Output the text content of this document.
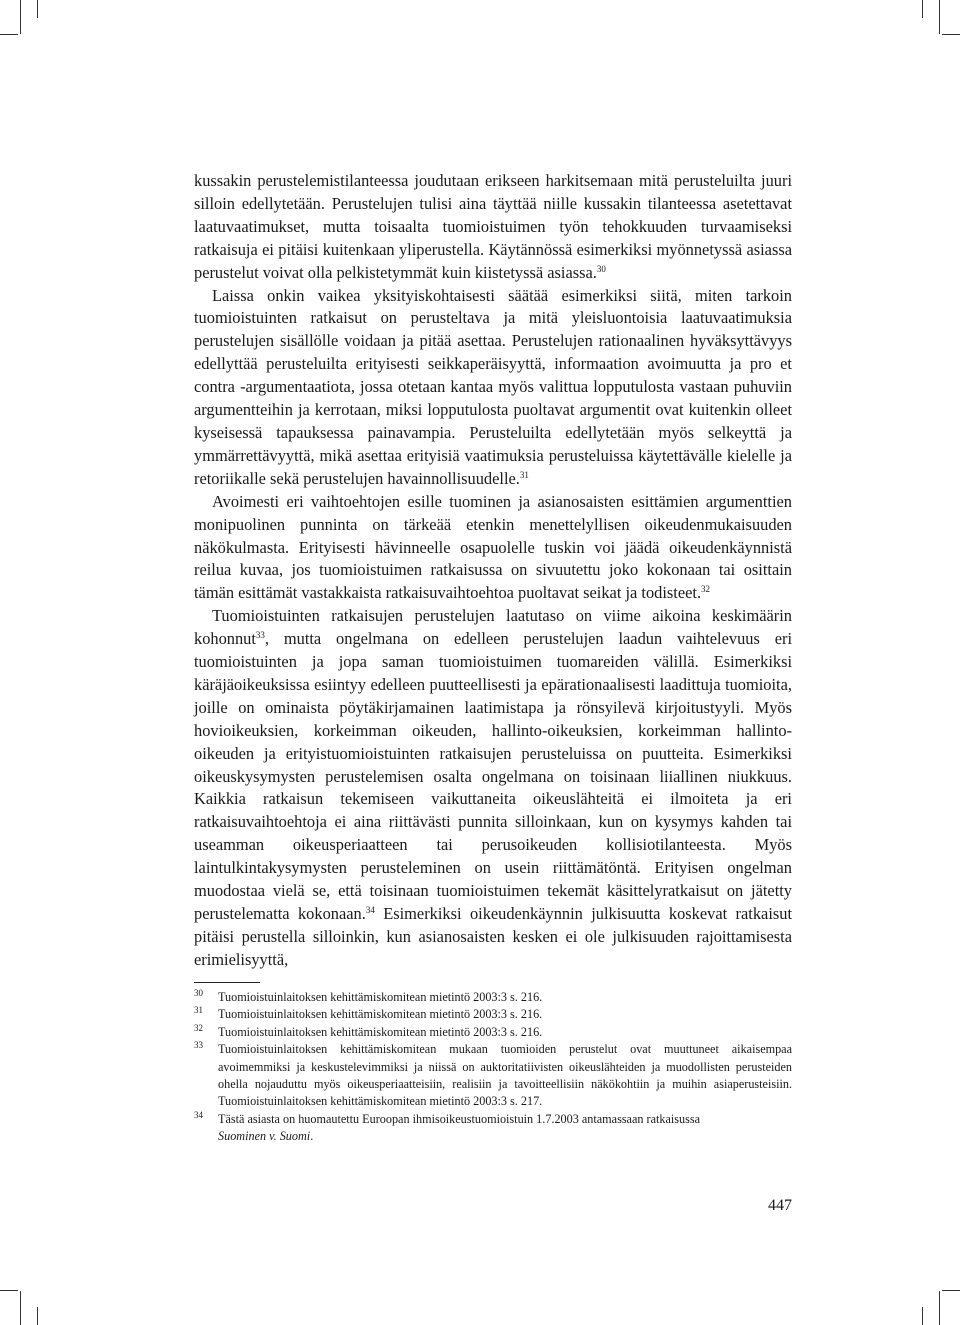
kussakin perustelemistilanteessa joudutaan erikseen harkitsemaan mitä perusteluilta juuri silloin edellytetään. Perustelujen tulisi aina täyttää niille kussakin tilanteessa asetettavat laatuvaatimukset, mutta toisaalta tuomioistuimen työn tehokkuuden turvaamiseksi ratkaisuja ei pitäisi kuitenkaan yliperustella. Käytännössä esimerkiksi myönnetyssä asiassa perustelut voivat olla pelkistetymmät kuin kiistetyssä asiassa.$^{30}$

Laissa onkin vaikea yksityiskohtaisesti säätää esimerkiksi siitä, miten tarkoin tuomioistuinten ratkaisut on perusteltava ja mitä yleisluontoisia laatuvaatimuksia perustelujen sisällölle voidaan ja pitää asettaa. Perustelujen rationaalinen hyväksyttävyys edellyttää perusteluilta erityisesti seikkaperäisyyttä, informaation avoimuutta ja pro et contra -argumentaatiota, jossa otetaan kantaa myös valittua lopputulosta vastaan puhuviin argumentteihin ja kerrotaan, miksi lopputulosta puoltavat argumentit ovat kuitenkin olleet kyseisessä tapauksessa painavampia. Perusteluilta edellytetään myös selkeyttä ja ymmärrettävyyttä, mikä asettaa erityisiä vaatimuksia perusteluissa käytettävälle kielelle ja retoriikalle sekä perustelujen havainnollisuudelle.$^{31}$

Avoimesti eri vaihtoehtojen esille tuominen ja asianosaisten esittämien argumenttien monipuolinen punninta on tärkeää etenkin menettelyllisen oikeudenmukaisuuden näkökulmasta. Erityisesti hävinneelle osapuolelle tuskin voi jäädä oikeudenkäynnistä reilua kuvaa, jos tuomioistuimen ratkaisussa on sivuutettu joko kokonaan tai osittain tämän esittämät vastakkaista ratkaisuvaihtoehtoa puoltavat seikat ja todisteet.$^{32}$

Tuomioistuinten ratkaisujen perustelujen laatutaso on viime aikoina keskimäärin kohonnut$^{33}$, mutta ongelmana on edelleen perustelujen laadun vaihtelevuus eri tuomioistuinten ja jopa saman tuomioistuimen tuomareiden välillä. Esimerkiksi käräjäoikeuksissa esiintyy edelleen puutteellisesti ja epärationaalisesti laadittuja tuomioita, joille on ominaista pöytäkirjamainen laatimistapa ja rönsyilevä kirjoitustyyli. Myös hovioikeuksien, korkeimman oikeuden, hallinto-oikeuksien, korkeimman hallinto-oikeuden ja erityistuomioistuinten ratkaisujen perusteluissa on puutteita. Esimerkiksi oikeuskysymysten perustelemisen osalta ongelmana on toisinaan liiallinen niukkuus. Kaikkia ratkaisun tekemiseen vaikuttaneita oikeuslähteitä ei ilmoiteta ja eri ratkaisuvaihtoehtoja ei aina riittävästi punnita silloinkaan, kun on kysymys kahden tai useamman oikeusperiaatteen tai perusoikeuden kollisiotilanteesta. Myös laintulkintakysymysten perusteleminen on usein riittämätöntä. Erityisen ongelman muodostaa vielä se, että toisinaan tuomioistuimen tekemät käsittelyratkaisut on jätetty perustelematta kokonaan.$^{34}$ Esimerkiksi oikeudenkäynnin julkisuutta koskevat ratkaisut pitäisi perustella silloinkin, kun asianosaisten kesken ei ole julkisuuden rajoittamisesta erimielisyyttä,

30	Tuomioistuinlaitoksen kehittämiskomitean mietintö 2003:3 s. 216.
31	Tuomioistuinlaitoksen kehittämiskomitean mietintö 2003:3 s. 216.
32	Tuomioistuinlaitoksen kehittämiskomitean mietintö 2003:3 s. 216.
33	Tuomioistuinlaitoksen kehittämiskomitean mukaan tuomioiden perustelut ovat muuttuneet aikaisempaa avoimemmiksi ja keskustelevimmiksi ja niissä on auktoritatiivisten oikeuslähteiden ja muodollisten perusteiden ohella nojauduttu myös oikeusperiaatteisiin, realisiin ja tavoitteellisiin näkökohtiin ja muihin asiaperusteisiin. Tuomioistuinlaitoksen kehittämiskomitean mietintö 2003:3 s. 217.
34	Tästä asiasta on huomautettu Euroopan ihmisoikeustuomioistuin 1.7.2003 antamassaan ratkaisussa
Suominen v. Suomi.
447
